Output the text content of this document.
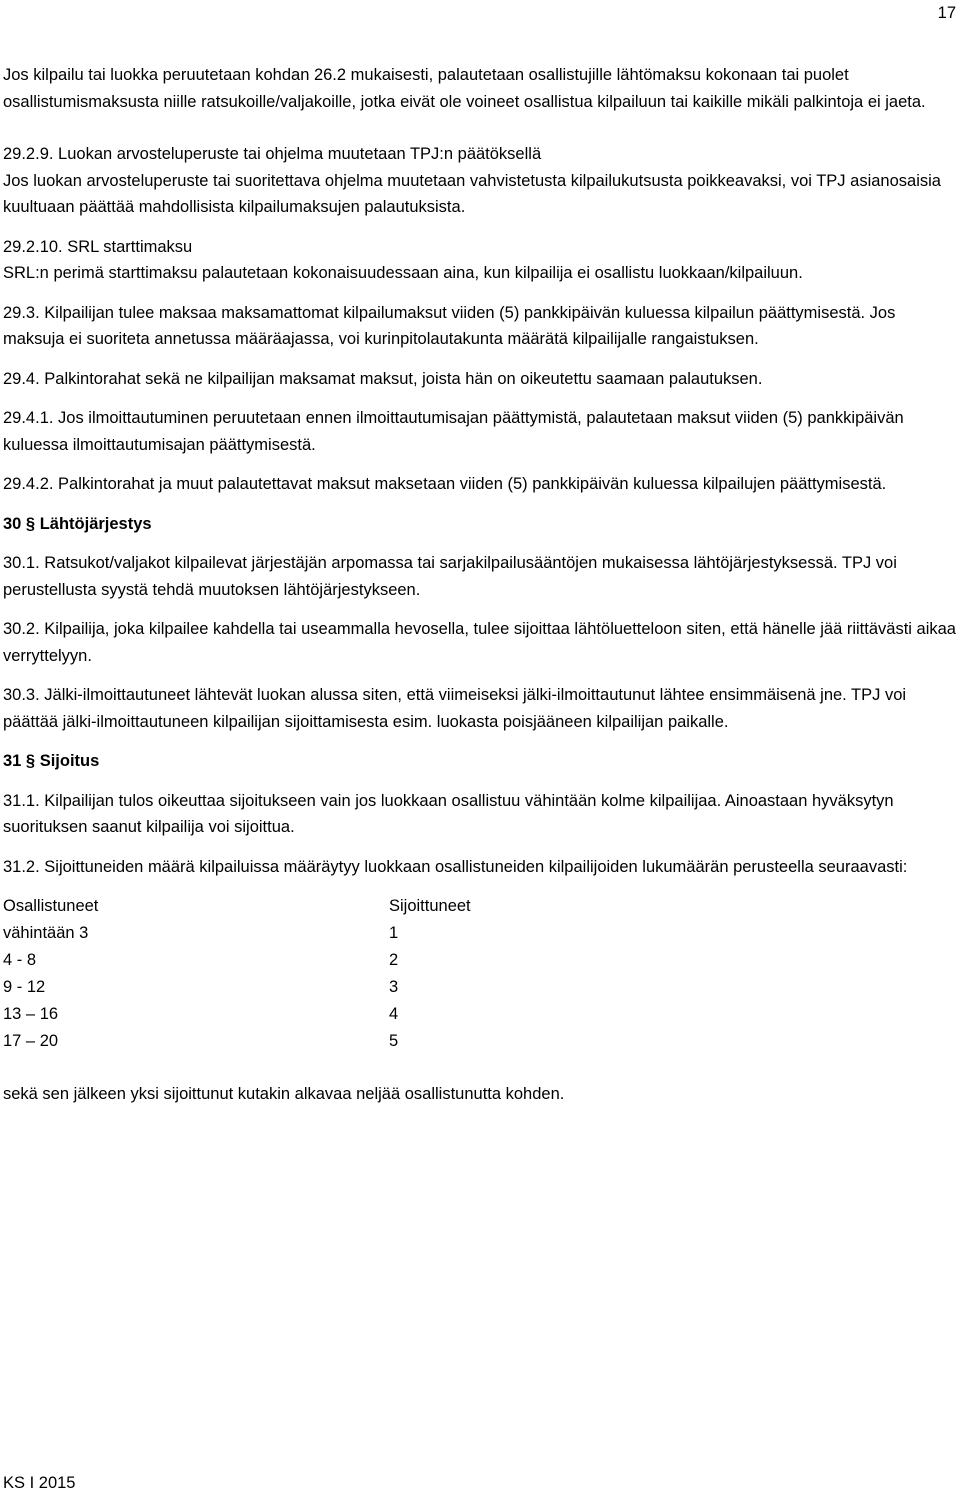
17

Jos kilpailu tai luokka peruutetaan kohdan 26.2 mukaisesti, palautetaan osallistujille lähtömaksu kokonaan tai puolet osallistumismaksusta niille ratsukoille/valjakoille, jotka eivät ole voineet osallistua kilpailuun tai kaikille mikäli palkintoja ei jaeta.

29.2.9. Luokan arvosteluperuste tai ohjelma muutetaan TPJ:n päätöksellä

Jos luokan arvosteluperuste tai suoritettava ohjelma muutetaan vahvistetusta kilpailukutsusta poikkeavaksi, voi TPJ asianosaisia kuultuaan päättää mahdollisista kilpailumaksujen palautuksista.

29.2.10. SRL starttimaksu

SRL:n perimä starttimaksu palautetaan kokonaisuudessaan aina, kun kilpailija ei osallistu luokkaan/kilpailuun.

29.3. Kilpailijan tulee maksaa maksamattomat kilpailumaksut viiden (5) pankkipäivän kuluessa kilpailun päättymisestä. Jos maksuja ei suoriteta annetussa määräajassa, voi kurinpitolautakunta määrätä kilpailijalle rangaistuksen.

29.4. Palkintorahat sekä ne kilpailijan maksamat maksut, joista hän on oikeutettu saamaan palautuksen.

29.4.1. Jos ilmoittautuminen peruutetaan ennen ilmoittautumisajan päättymistä, palautetaan maksut viiden (5) pankkipäivän kuluessa ilmoittautumisajan päättymisestä.

29.4.2. Palkintorahat ja muut palautettavat maksut maksetaan viiden (5) pankkipäivän kuluessa kilpailujen päättymisestä.

30 § Lähtöjärjestys

30.1. Ratsukot/valjakot kilpailevat järjestäjän arpomassa tai sarjakilpailusääntöjen mukaisessa lähtöjärjestyksessä. TPJ voi perustellusta syystä tehdä muutoksen lähtöjärjestykseen.

30.2. Kilpailija, joka kilpailee kahdella tai useammalla hevosella, tulee sijoittaa lähtöluetteloon siten, että hänelle jää riittävästi aikaa verryttelyyn.

30.3. Jälki-ilmoittautuneet lähtevät luokan alussa siten, että viimeiseksi jälki-ilmoittautunut lähtee ensimmäisenä jne. TPJ voi päättää jälki-ilmoittautuneen kilpailijan sijoittamisesta esim. luokasta poisjääneen kilpailijan paikalle.

31 § Sijoitus

31.1. Kilpailijan tulos oikeuttaa sijoitukseen vain jos luokkaan osallistuu vähintään kolme kilpailijaa. Ainoastaan hyväksytyn suorituksen saanut kilpailija voi sijoittua.

31.2. Sijoittuneiden määrä kilpailuissa määräytyy luokkaan osallistuneiden kilpailijoiden lukumäärän perusteella seuraavasti:

Osallistuneet	Sijoittuneet
vähintään 3	1
4 - 8	2
9 - 12	3
13 – 16	4
17 – 20	5

sekä sen jälkeen yksi sijoittunut kutakin alkavaa neljää osallistunutta kohden.

KS I 2015
